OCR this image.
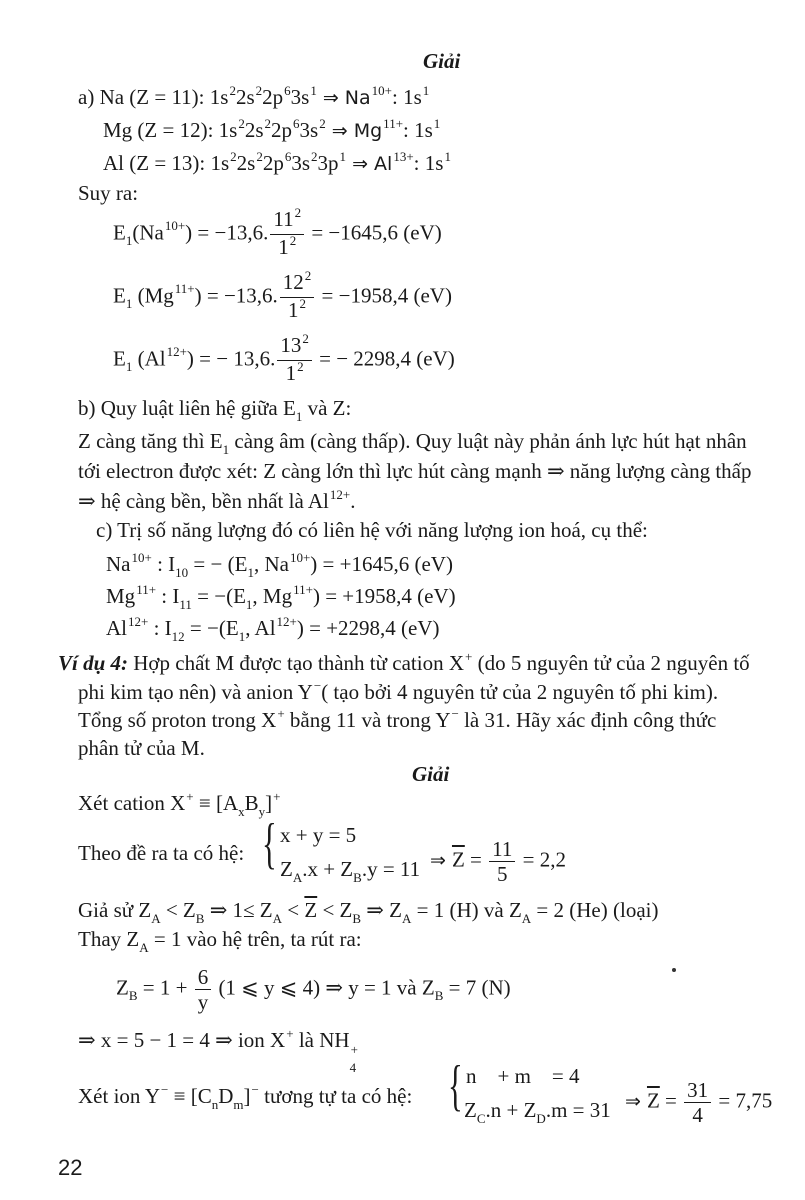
Giải
a) Na (Z = 11): $1s^22s^22p^63s^1$ ⇒ $Na^{10+}$: $1s^1$
Mg (Z = 12): $1s^22s^22p^63s^2$ ⇒ $Mg^{11+}$: $1s^1$
Al (Z = 13): $1s^22s^22p^63s^23p^1$ ⇒ $Al^{13+}$: $1s^1$
Suy ra:
$E_1(Na^{10+}) = -13,6$. $\frac{11^2}{1^2} = -1645,6$ (eV)
$E_1$ $(Mg^{11+}) = -13,6$. $\frac{12^2}{1^2} = -1958,4$ (eV)
$E_1$ $(Al^{12+})$ = − 13,6. $\frac{13^2}{1^2}$ = − 2298,4 (eV)
b) Quy luật liên hệ giữa $E_1$ và Z:
Z càng tăng thì $E_1$ càng âm (càng thấp). Quy luật này phản ánh lực hút hạt nhân
tới electron được xét: Z càng lớn thì lực hút càng mạnh ⇒ năng lượng càng thấp
⇒ hệ càng bền, bền nhất là $Al^{12+}$.
c) Trị số năng lượng đó có liên hệ với năng lượng ion hoá, cụ thể:
$Na^{10+}$ : $I_{10}$ = − ($E_1$, $Na^{10+}) = +1645,6$ (eV)
$Mg^{11+}$ : $I_{11} = -(E_1$, $Mg^{11+}) = +1958,4$ (eV)
$Al^{12+}$ : $I_{12} = -(E_1$, $Al^{12+}) = +2298,4$ (eV)
Ví dụ 4: Hợp chất M được tạo thành từ cation X+ (do 5 nguyên tử của 2 nguyên tố
phi kim tạo nên) và anion Y−( tạo bởi 4 nguyên tử của 2 nguyên tố phi kim).
Tổng số proton trong X+ bằng 11 và trong Y− là 31. Hãy xác định công thức
phân tử của M.
Giải
Xét cation $X^+ \equiv [A_xB_y]^+$
Theo đề ra ta có hệ: { x + y = 5
$Z_A.x + Z_B.y = 11$ ⇒ $\overline{Z} = \frac{11}{5} = 2,2$
Giả sử $Z_A < Z_B$ ⇒ $1\le Z_A < \overline{Z} < Z_B$ ⇒ $Z_A = 1$ (H) và $Z_A = 2$ (He) (loại)
Thay $Z_A = 1$ vào hệ trên, ta rút ra:
$Z_B = 1 + \frac{6}{y} (1$ ⩽ y ⩽ 4) ⇒ y = 1 và $Z_B = 7$ (N)
⇒ x = 5 − 1 = 4 ⇒ ion X+ là NH +
4
Xét ion $Y^- \equiv [C_nD_m]^-$ tương tự ta có hệ: { n    + m    = 4
$Z_C.n + Z_D.m = 31$ ⇒ $\overline{Z} = \frac{31}{4} = 7,75$
22
